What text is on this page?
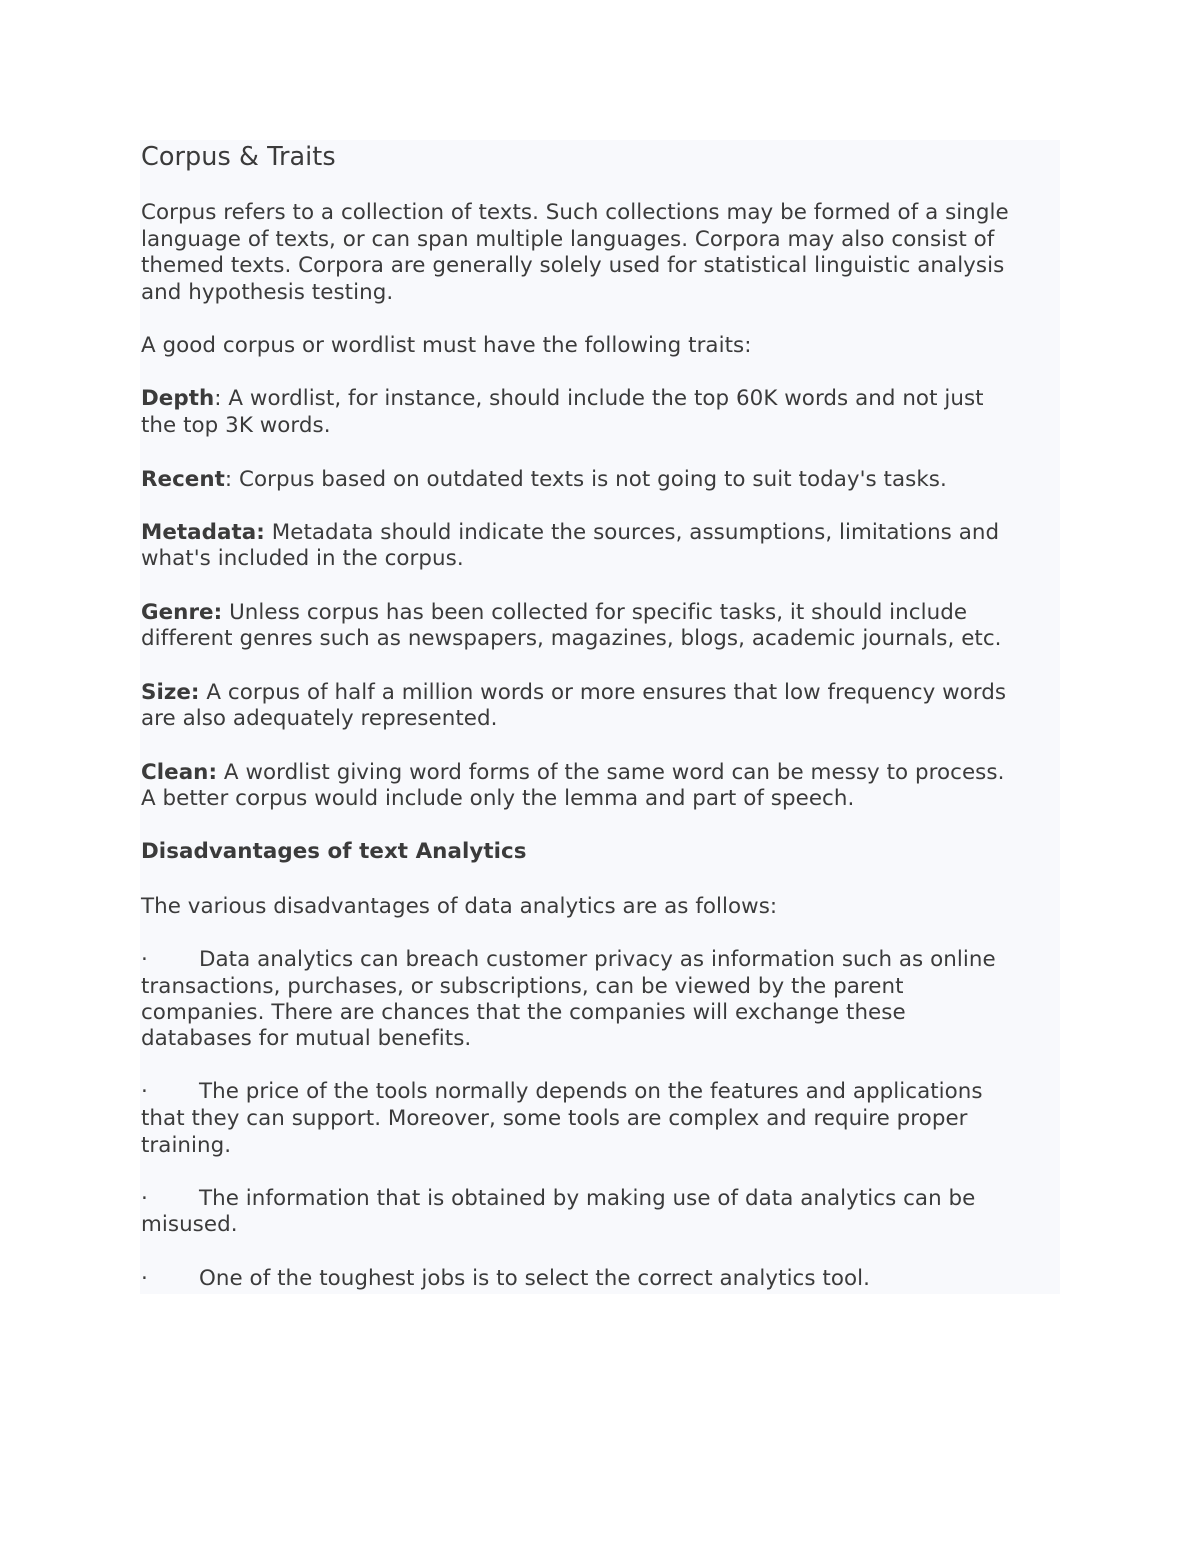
Corpus & Traits
Corpus refers to a collection of texts. Such collections may be formed of a single
language of texts, or can span multiple languages. Corpora may also consist of
themed texts. Corpora are generally solely used for statistical linguistic analysis
and hypothesis testing.
A good corpus or wordlist must have the following traits:
Depth: A wordlist, for instance, should include the top 60K words and not just
the top 3K words.
Recent: Corpus based on outdated texts is not going to suit today's tasks.
Metadata: Metadata should indicate the sources, assumptions, limitations and
what's included in the corpus.
Genre: Unless corpus has been collected for specific tasks, it should include
different genres such as newspapers, magazines, blogs, academic journals, etc.
Size: A corpus of half a million words or more ensures that low frequency words
are also adequately represented.
Clean: A wordlist giving word forms of the same word can be messy to process.
A better corpus would include only the lemma and part of speech.
Disadvantages of text Analytics
The various disadvantages of data analytics are as follows:
· Data analytics can breach customer privacy as information such as online
transactions, purchases, or subscriptions, can be viewed by the parent
companies. There are chances that the companies will exchange these
databases for mutual benefits.
· The price of the tools normally depends on the features and applications
that they can support. Moreover, some tools are complex and require proper
training.
· The information that is obtained by making use of data analytics can be
misused.
· One of the toughest jobs is to select the correct analytics tool.
